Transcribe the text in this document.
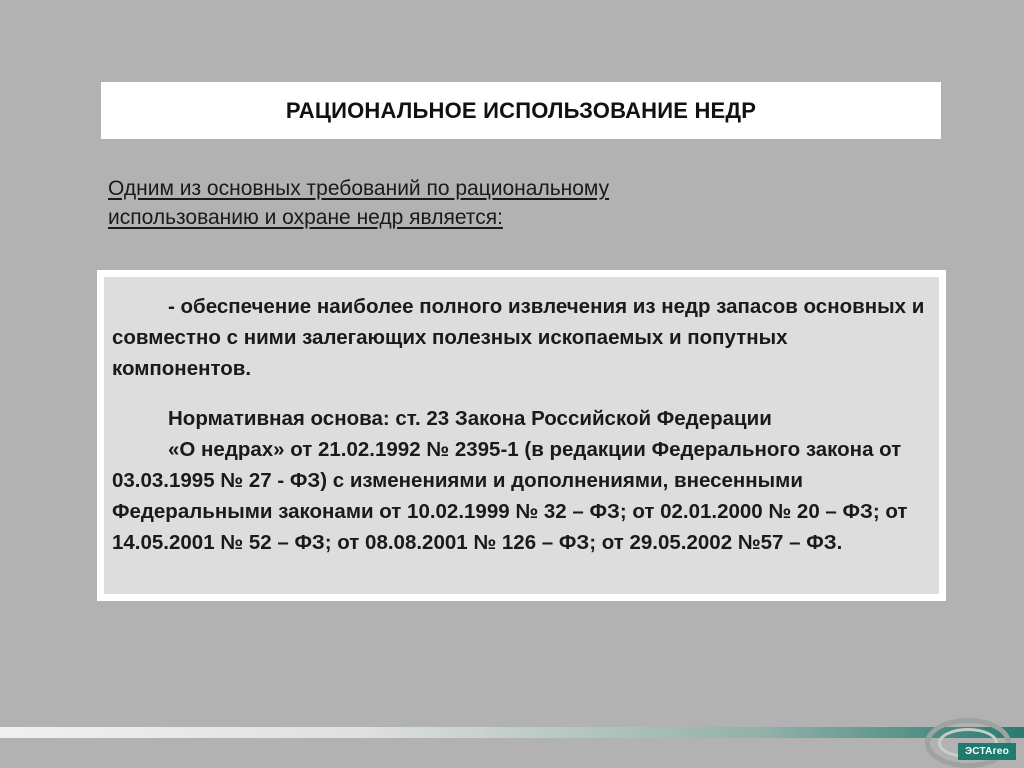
РАЦИОНАЛЬНОЕ ИСПОЛЬЗОВАНИЕ НЕДР
Одним из основных требований по рациональному
использованию и охране недр является:

- обеспечение наиболее полного извлечения из недр запасов основных и совместно с ними залегающих полезных ископаемых и попутных компонентов.

Нормативная основа: ст. 23 Закона Российской Федерации

«О недрах» от 21.02.1992 № 2395-1 (в редакции Федерального закона от 03.03.1995 № 27 - ФЗ) с изменениями и дополнениями, внесенными Федеральными законами от 10.02.1999 № 32 – ФЗ; от 02.01.2000 № 20 – ФЗ; от 14.05.2001 № 52 – ФЗ; от 08.08.2001 № 126 – ФЗ; от 29.05.2002 №57 – ФЗ.

ЭСТАгео
